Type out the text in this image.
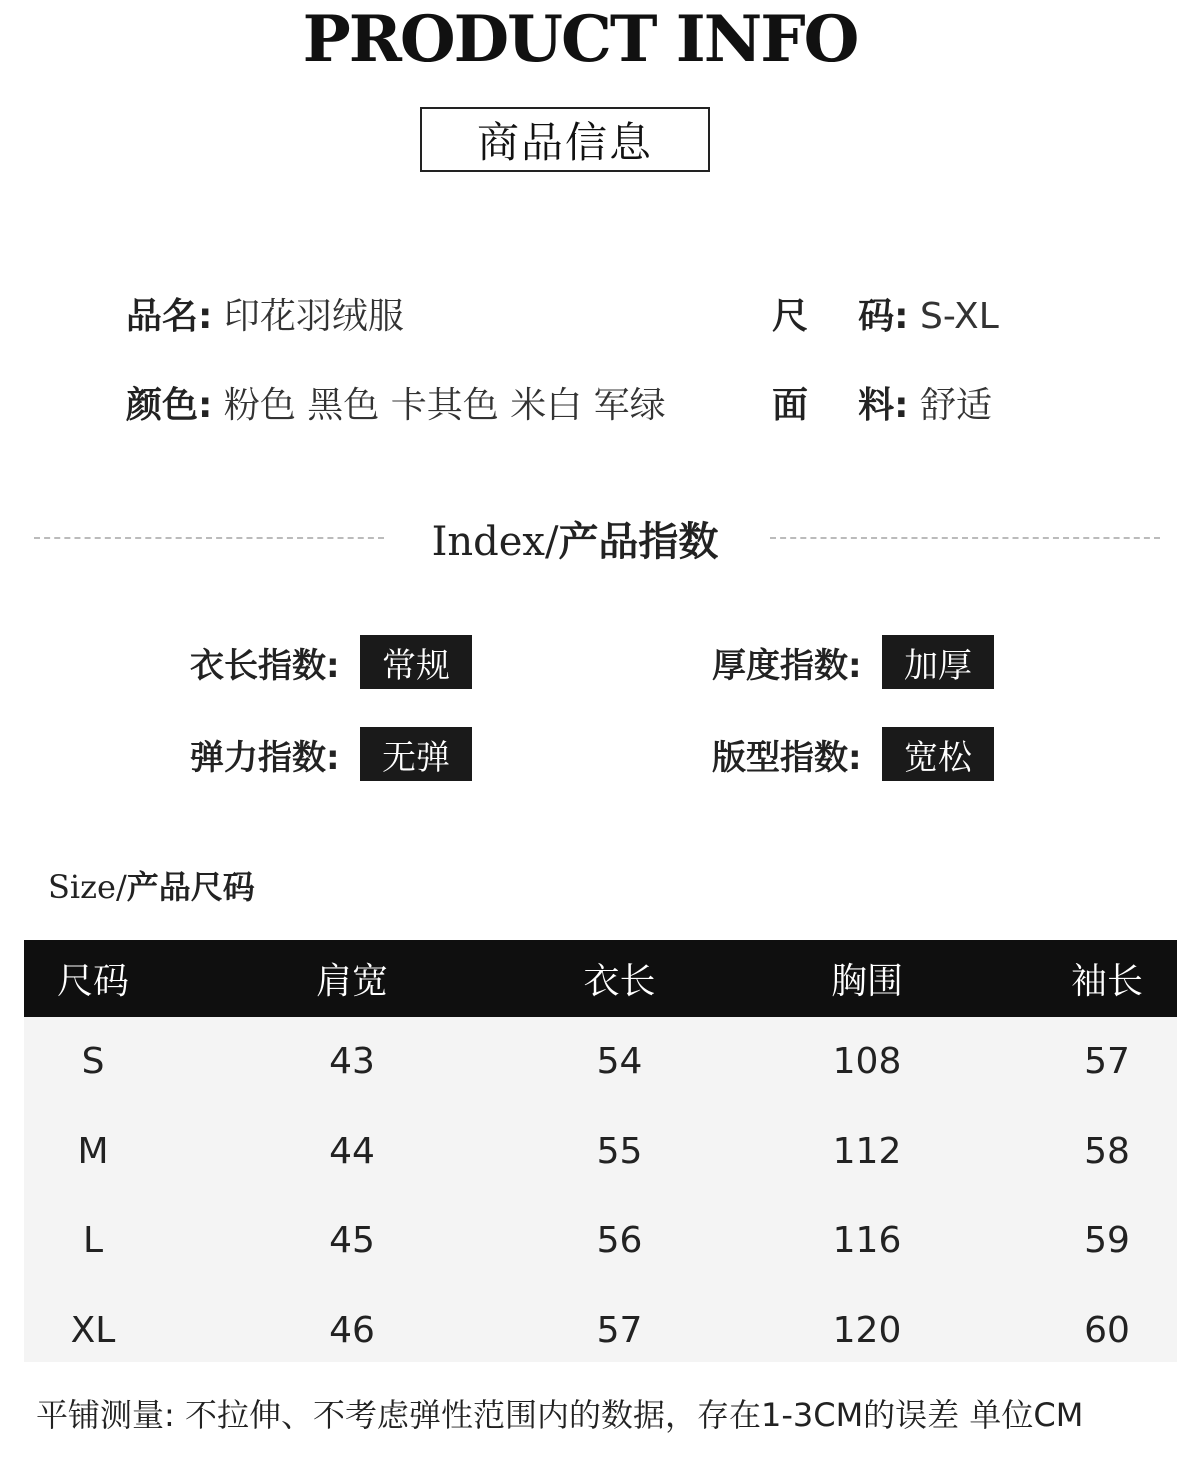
PRODUCT INFO
商品信息
品名: 印花羽绒服	尺    码: S-XL
颜色: 粉色 黑色 卡其色 米白 军绿	面    料: 舒适
Index/产品指数
衣长指数:	常规	厚度指数:	加厚
弹力指数:	无弹	版型指数:	宽松
Size/产品尺码
尺码	肩宽	衣长	胸围	袖长
S	43	54	108	57
M	44	55	112	58
L	45	56	116	59
XL	46	57	120	60
平铺测量: 不拉伸、不考虑弹性范围内的数据，存在1-3CM的误差 单位CM
